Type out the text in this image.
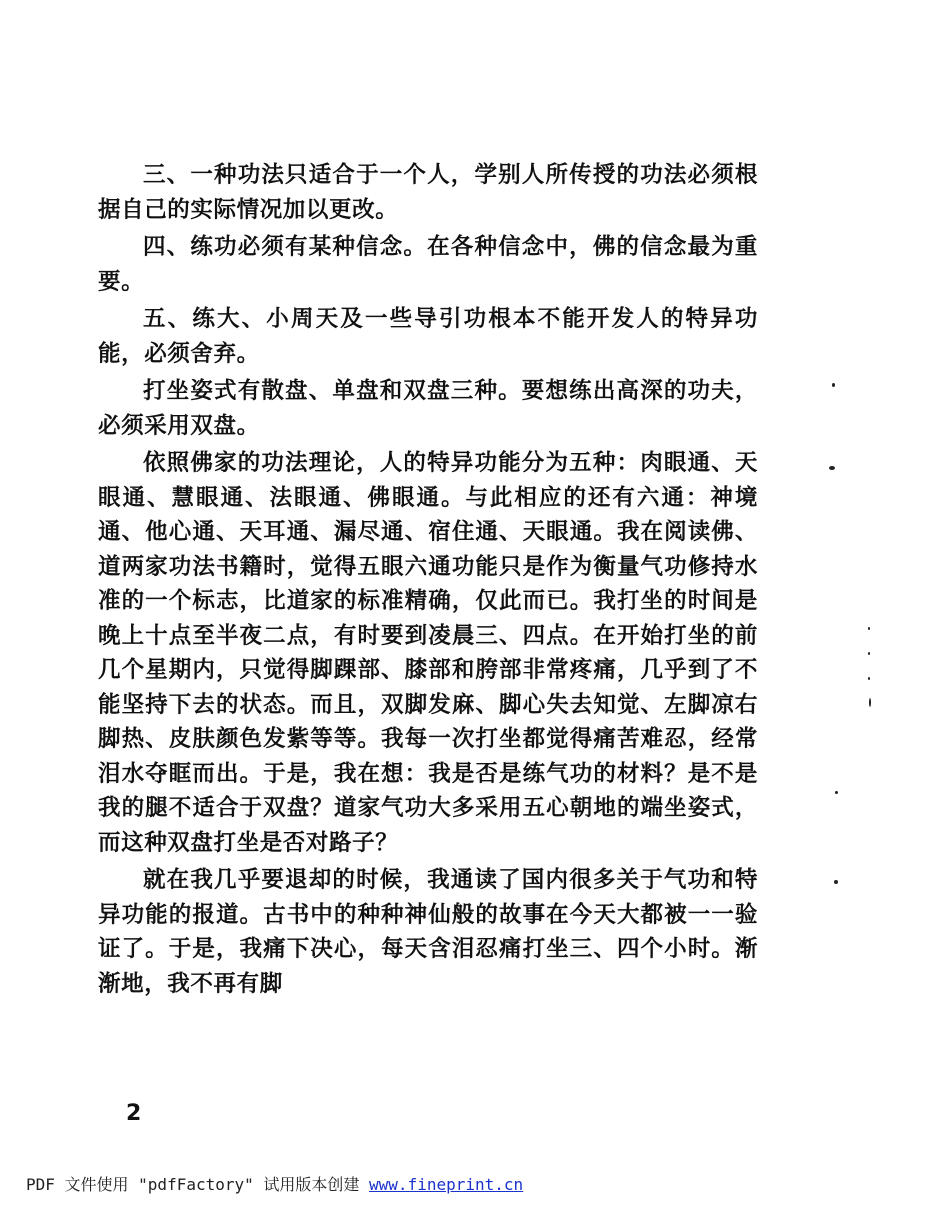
三、一种功法只适合于一个人，学别人所传授的功法必须根据自己的实际情况加以更改。

四、练功必须有某种信念。在各种信念中，佛的信念最为重要。

五、练大、小周天及一些导引功根本不能开发人的特异功能，必须舍弃。

打坐姿式有散盘、单盘和双盘三种。要想练出高深的功夫，必须采用双盘。

依照佛家的功法理论，人的特异功能分为五种：肉眼通、天眼通、慧眼通、法眼通、佛眼通。与此相应的还有六通：神境通、他心通、天耳通、漏尽通、宿住通、天眼通。我在阅读佛、道两家功法书籍时，觉得五眼六通功能只是作为衡量气功修持水准的一个标志，比道家的标准精确，仅此而已。我打坐的时间是晚上十点至半夜二点，有时要到凌晨三、四点。在开始打坐的前几个星期内，只觉得脚踝部、膝部和胯部非常疼痛，几乎到了不能坚持下去的状态。而且，双脚发麻、脚心失去知觉、左脚凉右脚热、皮肤颜色发紫等等。我每一次打坐都觉得痛苦难忍，经常泪水夺眶而出。于是，我在想：我是否是练气功的材料？是不是我的腿不适合于双盘？道家气功大多采用五心朝地的端坐姿式，而这种双盘打坐是否对路子？

就在我几乎要退却的时候，我通读了国内很多关于气功和特异功能的报道。古书中的种种神仙般的故事在今天大都被一一验证了。于是，我痛下决心，每天含泪忍痛打坐三、四个小时。渐渐地，我不再有脚

2
PDF 文件使用 "pdfFactory" 试用版本创建 www.fineprint.cn
